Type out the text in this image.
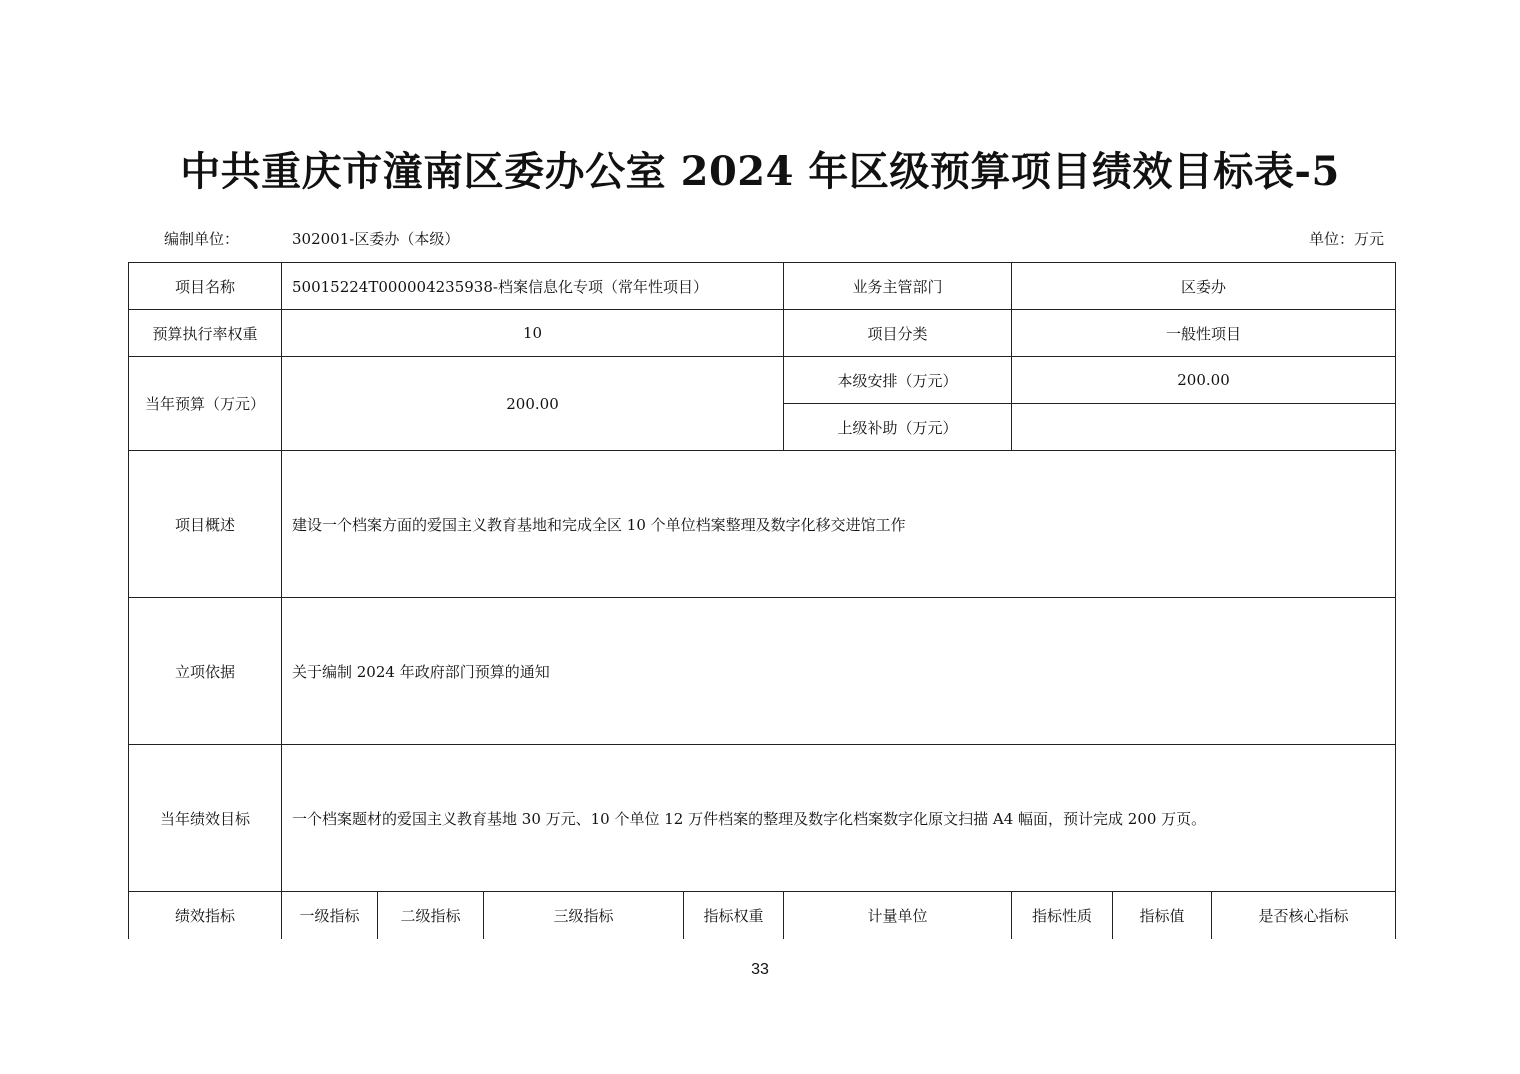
中共重庆市潼南区委办公室 2024 年区级预算项目绩效目标表-5
编制单位：	302001-区委办（本级）	单位：万元
项目名称	50015224T000004235938-档案信息化专项（常年性项目）				业务主管部门	区委办		
预算执行率权重	10				项目分类	一般性项目		
当年预算（万元）	200.00				本级安排（万元）	200.00		
					上级补助（万元）			
项目概述	建设一个档案方面的爱国主义教育基地和完成全区 10 个单位档案整理及数字化移交进馆工作							
立项依据	关于编制 2024 年政府部门预算的通知							
当年绩效目标	一个档案题材的爱国主义教育基地 30 万元、10 个单位 12 万件档案的整理及数字化档案数字化原文扫描 A4 幅面，预计完成 200 万页。							
绩效指标	一级指标	二级指标	三级指标	指标权重	计量单位	指标性质	指标值	是否核心指标
33
